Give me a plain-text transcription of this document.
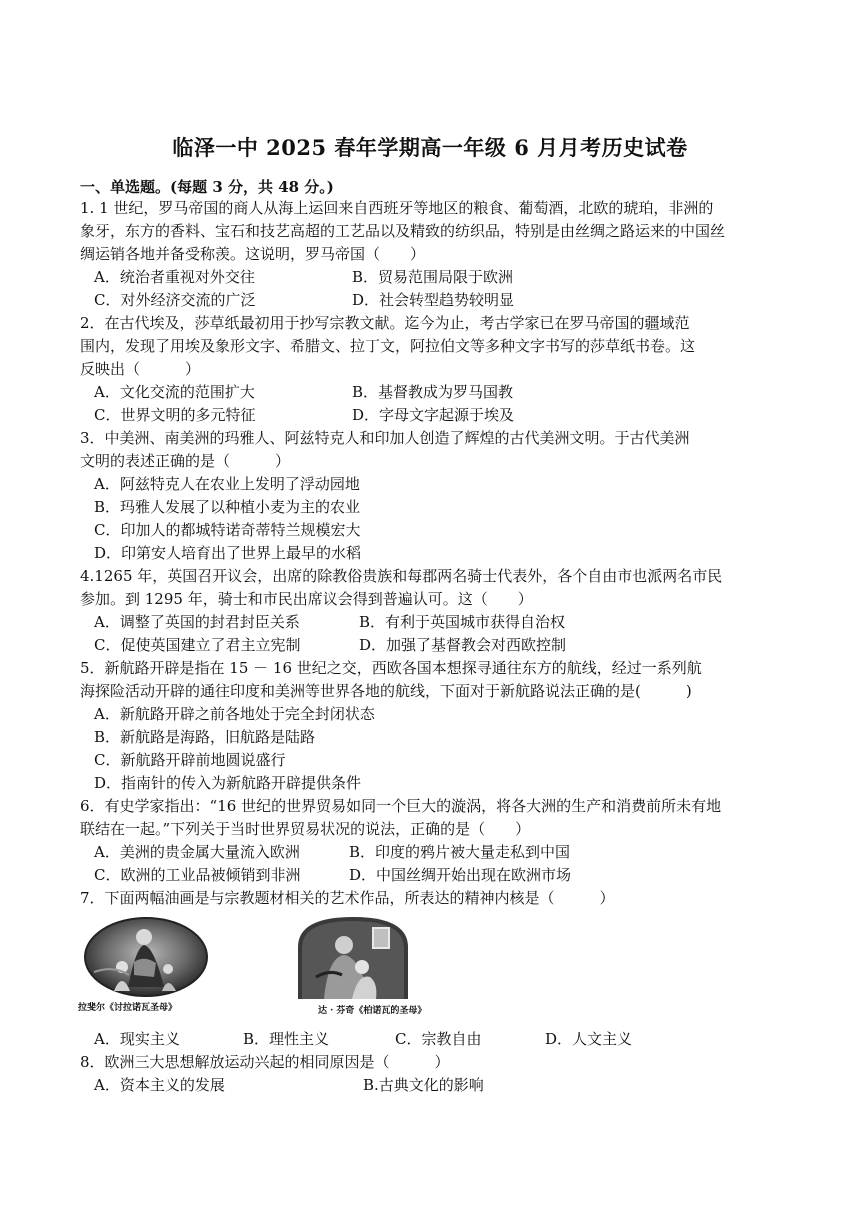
临泽一中 2025 春年学期高一年级 6 月月考历史试卷
一、单选题。(每题 3 分，共 48 分。)
1. 1 世纪，罗马帝国的商人从海上运回来自西班牙等地区的粮食、葡萄酒，北欧的琥珀，非洲的
象牙，东方的香料、宝石和技艺高超的工艺品以及精致的纺织品，特别是由丝绸之路运来的中国丝
绸运销各地并备受称羡。这说明，罗马帝国（　　）
A．统治者重视对外交往	B．贸易范围局限于欧洲
C．对外经济交流的广泛	D．社会转型趋势较明显
2．在古代埃及，莎草纸最初用于抄写宗教文献。迄今为止，考古学家已在罗马帝国的疆域范
围内，发现了用埃及象形文字、希腊文、拉丁文，阿拉伯文等多种文字书写的莎草纸书卷。这
反映出（　　　）
A．文化交流的范围扩大	B．基督教成为罗马国教
C．世界文明的多元特征	D．字母文字起源于埃及
3．中美洲、南美洲的玛雅人、阿兹特克人和印加人创造了辉煌的古代美洲文明。于古代美洲
文明的表述正确的是（　　　）
A．阿兹特克人在农业上发明了浮动园地
B．玛雅人发展了以种植小麦为主的农业
C．印加人的都城特诺奇蒂特兰规模宏大
D．印第安人培育出了世界上最早的水稻
4.1265 年，英国召开议会，出席的除教俗贵族和每郡两名骑士代表外，各个自由市也派两名市民
参加。到 1295 年，骑士和市民出席议会得到普遍认可。这（　　）
A．调整了英国的封君封臣关系	B．有利于英国城市获得自治权
C．促使英国建立了君主立宪制	D．加强了基督教会对西欧控制
5．新航路开辟是指在 15 － 16 世纪之交，西欧各国本想探寻通往东方的航线，经过一系列航
海探险活动开辟的通往印度和美洲等世界各地的航线，下面对于新航路说法正确的是(　　　)
A．新航路开辟之前各地处于完全封闭状态
B．新航路是海路，旧航路是陆路
C．新航路开辟前地圆说盛行
D．指南针的传入为新航路开辟提供条件
6．有史学家指出：“16 世纪的世界贸易如同一个巨大的漩涡，将各大洲的生产和消费前所未有地
联结在一起。”下列关于当时世界贸易状况的说法，正确的是（　　）
A．美洲的贵金属大量流入欧洲	B．印度的鸦片被大量走私到中国
C．欧洲的工业品被倾销到非洲	D．中国丝绸开始出现在欧洲市场
7．下面两幅油画是与宗教题材相关的艺术作品，所表达的精神内核是（　　　）
拉斐尔《讨拉诺瓦圣母》	达 · 芬奇《柏诺瓦的圣母》
A．现实主义	B．理性主义	C．宗教自由	D．人文主义
8．欧洲三大思想解放运动兴起的相同原因是（　　　）
A．资本主义的发展	B.古典文化的影响
